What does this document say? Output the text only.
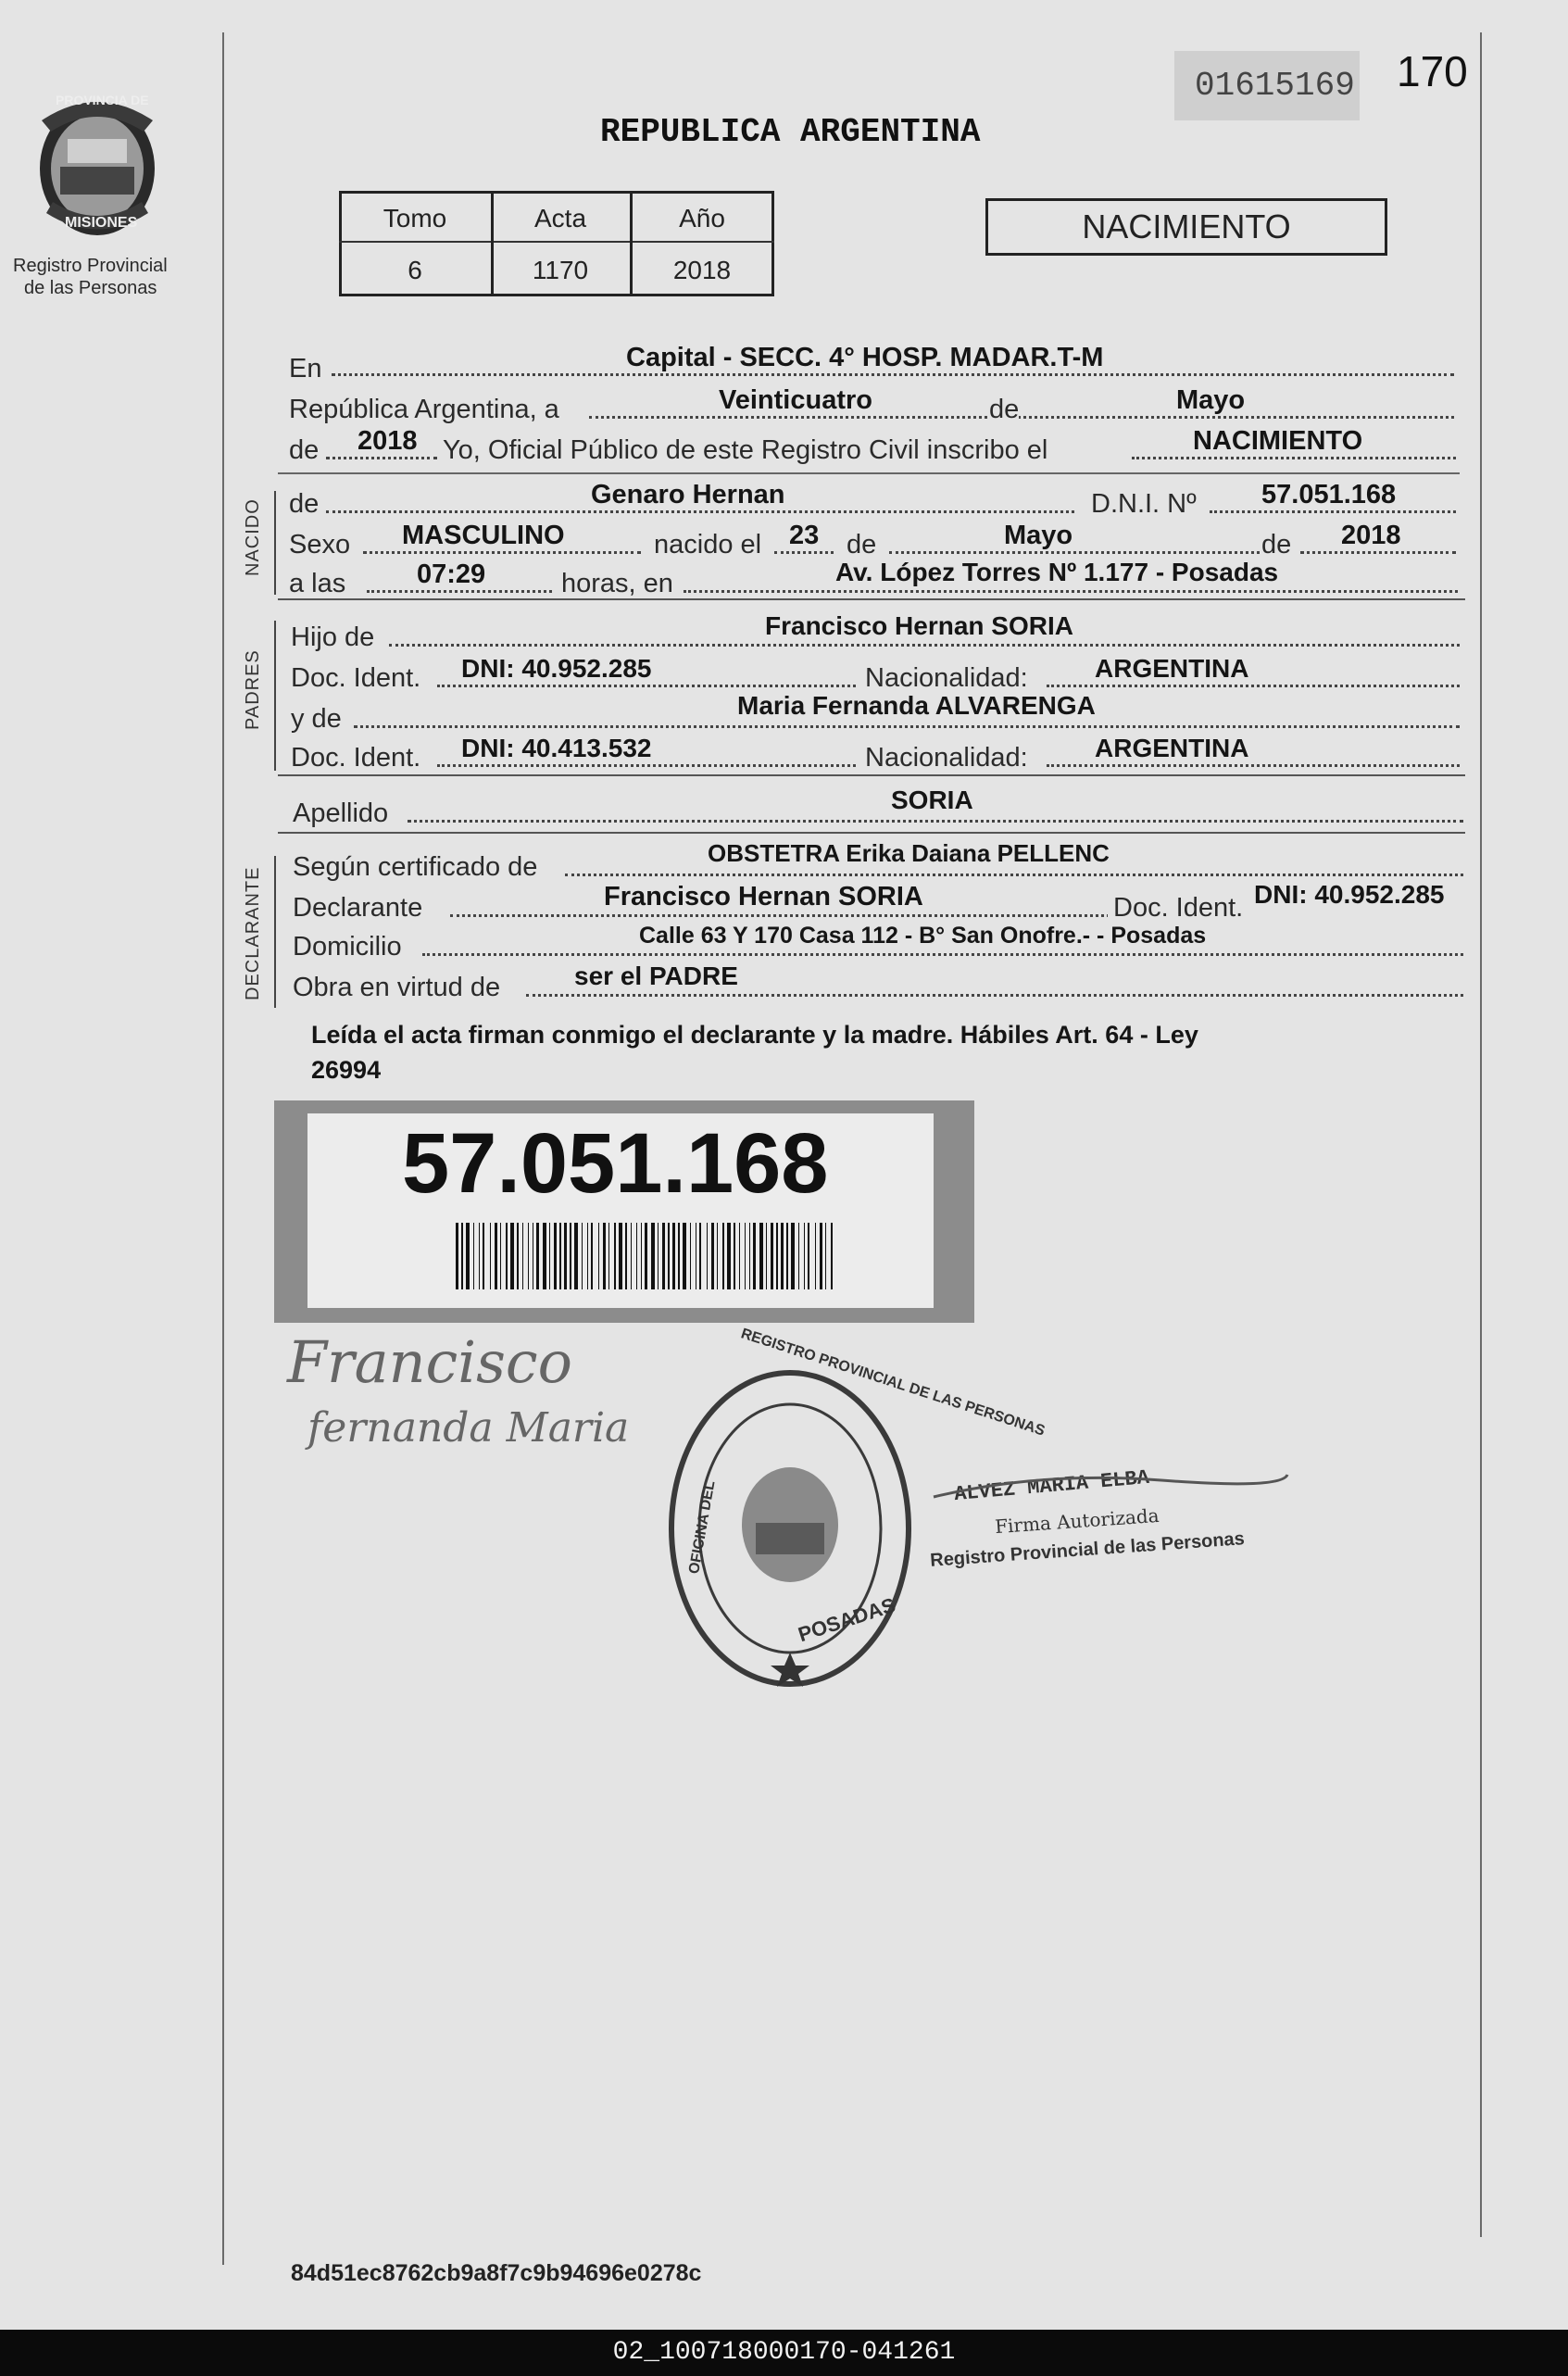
PROVINCIA DE
MISIONES
Registro Provincial
de las Personas
01615169 170
REPUBLICA ARGENTINA
Tomo	Acta	Año
6	1170	2018
NACIMIENTO
En	Capital - SECC. 4° HOSP. MADAR.T-M
República Argentina, a	Veinticuatro	de	Mayo
de 2018 Yo, Oficial Público de este Registro Civil inscribo el	NACIMIENTO
NACIDO de	Genaro Hernan	D.N.I. Nº 57.051.168
Sexo MASCULINO	nacido el 23 de	Mayo	de 2018
a las	07:29	horas, en	Av. López Torres Nº 1.177 - Posadas
PADRES
Hijo de	Francisco Hernan SORIA
Doc. Ident. DNI: 40.952.285	Nacionalidad:	ARGENTINA
y de	Maria Fernanda ALVARENGA
Doc. Ident. DNI: 40.413.532	Nacionalidad:	ARGENTINA
Apellido	SORIA
DECLARANTE Según certificado de	OBSTETRA Erika Daiana PELLENC
Declarante	Francisco Hernan SORIA	Doc. Ident. DNI: 40.952.285
Domicilio	Calle 63 Y 170 Casa 112 - B° San Onofre.- - Posadas
Obra en virtud de	ser el PADRE
Leída el acta firman conmigo el declarante y la madre. Hábiles Art. 64 - Ley
26994
57.051.168
Francisco
fernanda Maria	REGISTRO PROVINCIAL DE LAS PERSONAS
OFICINA DEL
POSADAS
ALVEZ MARIA ELBA
Firma Autorizada
Registro Provincial de las Personas
84d51ec8762cb9a8f7c9b94696e0278c
02_100718000170-041261
